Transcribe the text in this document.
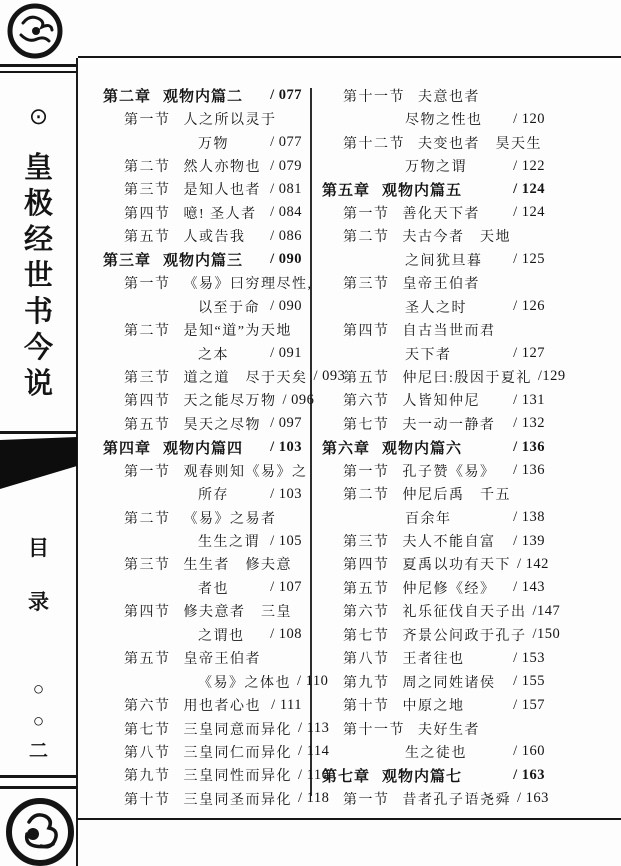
⊙
皇
极
经
世
书
今
说
目
录
○
○
二
第二章 观物内篇二	/ 077
第一节 人之所以灵于
万物	/ 077
第二节 然人亦物也 / 079
第三节 是知人也者 / 081
第四节 噫! 圣人者 / 084
第五节 人或告我	/ 086
第三章 观物内篇三	/ 090
第一节 《易》曰穷理尽性,
以至于命 / 090
第二节 是知“道”为天地
之本	/ 091
第三节 道之道　尽于天矣 / 093
第四节 天之能尽万物 / 096
第五节 昊天之尽物 / 097
第四章 观物内篇四	/ 103
第一节 观春则知《易》之
所存	/ 103
第二节 《易》之易者
生生之谓 / 105
第三节 生生者　修夫意
者也	/ 107
第四节 修夫意者　三皇
之谓也	/ 108
第五节 皇帝王伯者
《易》之体也 / 110
第六节 用也者心也 / 111
第七节 三皇同意而异化 / 113
第八节 三皇同仁而异化 / 114
第九节 三皇同性而异化 / 116
第十节 三皇同圣而异化 / 118
第十一节 夫意也者
尽物之性也	/ 120
第十二节 夫变也者　昊天生
万物之谓	/ 122
第五章 观物内篇五	/ 124
第一节 善化天下者	/ 124
第二节 夫古今者　天地
之间犹旦暮	/ 125
第三节 皇帝王伯者
圣人之时	/ 126
第四节 自古当世而君
天下者	/ 127
第五节 仲尼曰:殷因于夏礼 /129
第六节 人皆知仲尼	/ 131
第七节 夫一动一静者	/ 132
第六章 观物内篇六	/ 136
第一节 孔子赞《易》	/ 136
第二节 仲尼后禹　千五
百余年	/ 138
第三节 夫人不能自富	/ 139
第四节 夏禹以功有天下 / 142
第五节 仲尼修《经》	/ 143
第六节 礼乐征伐自天子出 /147
第七节 齐景公问政于孔子 /150
第八节 王者往也	/ 153
第九节 周之同姓诸侯	/ 155
第十节 中原之地	/ 157
第十一节 夫好生者
生之徒也	/ 160
第七章 观物内篇七	/ 163
第一节 昔者孔子语尧舜 / 163
